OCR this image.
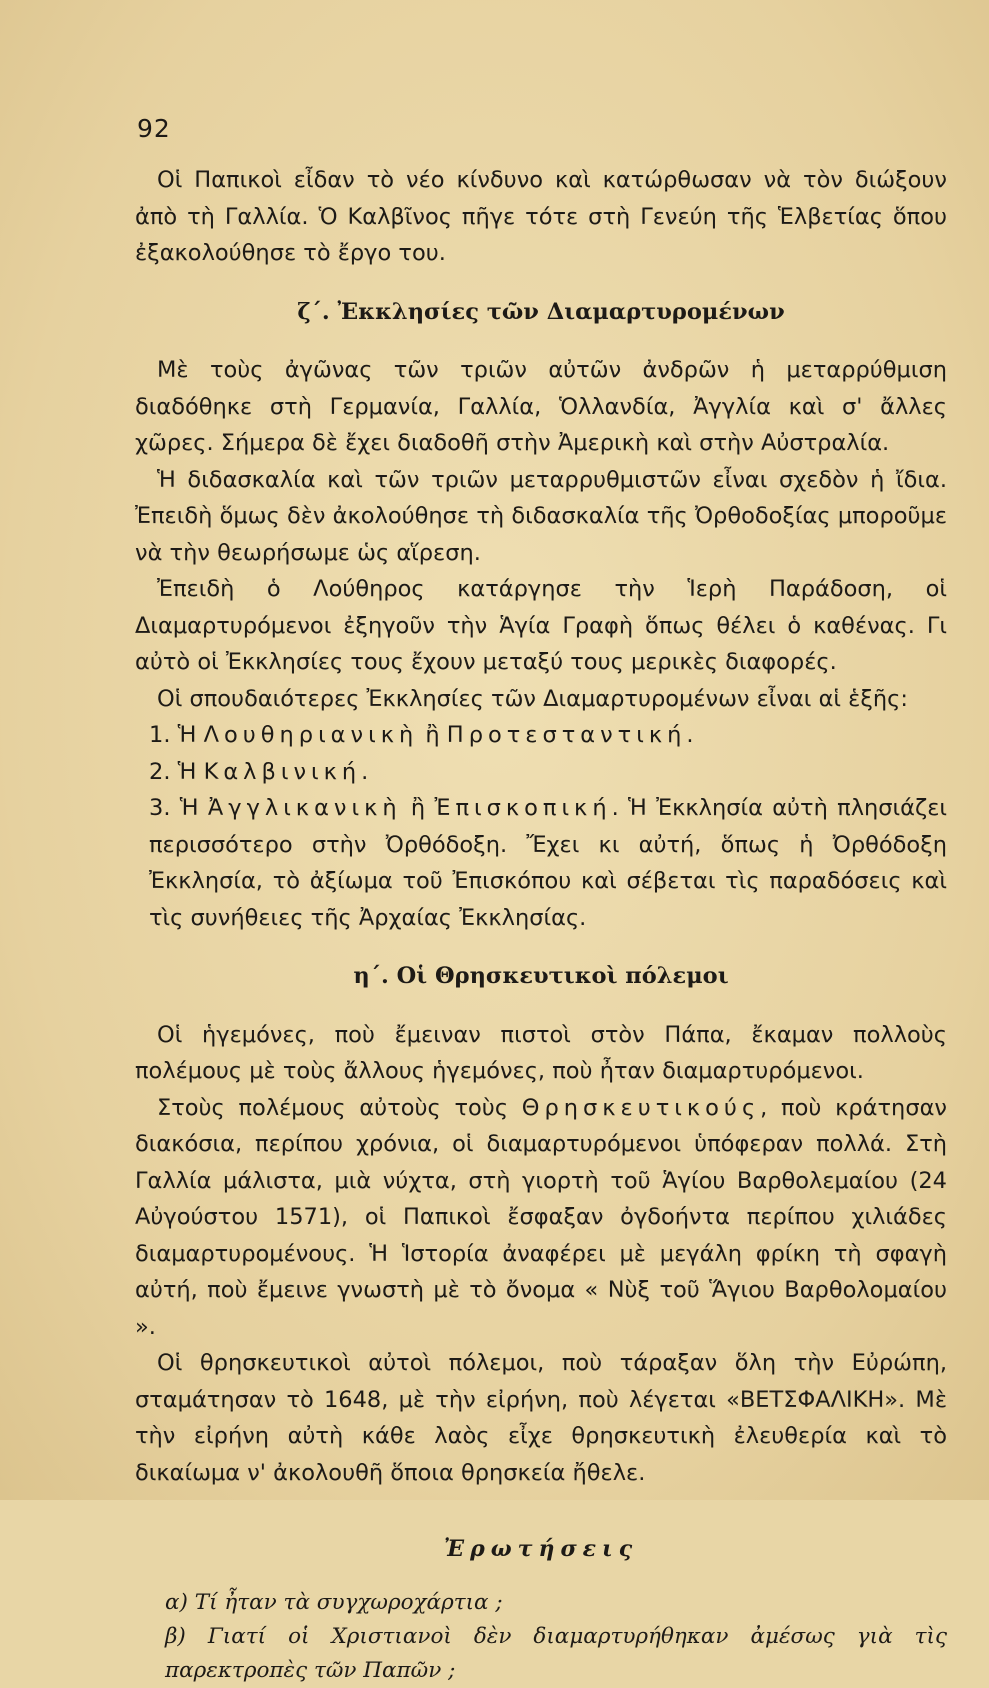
92

Οἱ Παπικοὶ εἶδαν τὸ νέο κίνδυνο καὶ κατώρθωσαν νὰ τὸν διώξουν ἀπὸ τὴ Γαλλία. Ὁ Καλβῖνος πῆγε τότε στὴ Γενεύη τῆς Ἑλβετίας ὅπου ἐξακολούθησε τὸ ἔργο του.

ζ΄. Ἐκκλησίες τῶν Διαμαρτυρομένων

Μὲ τοὺς ἀγῶνας τῶν τριῶν αὐτῶν ἀνδρῶν ἡ μεταρρύθμιση διαδόθηκε στὴ Γερμανία, Γαλλία, Ὁλλανδία, Ἀγγλία καὶ σ' ἄλλες χῶρες. Σήμερα δὲ ἔχει διαδοθῆ στὴν Ἀμερικὴ καὶ στὴν Αὐστραλία.

Ἡ διδασκαλία καὶ τῶν τριῶν μεταρρυθμιστῶν εἶναι σχεδὸν ἡ ἴδια. Ἐπειδὴ ὅμως δὲν ἀκολούθησε τὴ διδασκαλία τῆς Ὀρθοδοξίας μποροῦμε νὰ τὴν θεωρήσωμε ὡς αἵρεση.

Ἐπειδὴ ὁ Λούθηρος κατάργησε τὴν Ἱερὴ Παράδοση, οἱ Διαμαρτυρόμενοι ἐξηγοῦν τὴν Ἁγία Γραφὴ ὅπως θέλει ὁ καθένας. Γι αὐτὸ οἱ Ἐκκλησίες τους ἔχουν μεταξύ τους μερικὲς διαφορές.

Οἱ σπουδαιότερες Ἐκκλησίες τῶν Διαμαρτυρομένων εἶναι αἱ ἑξῆς:

1. Ἡ Λουθηριανικὴ ἢ Προτεσταντική.

2. Ἡ Καλβινική.

3. Ἡ Ἀγγλικανικὴ ἢ Ἐπισκοπική. Ἡ Ἐκκλησία αὐτὴ πλησιάζει περισσότερο στὴν Ὀρθόδοξη. Ἔχει κι αὐτή, ὅπως ἡ Ὀρθόδοξη Ἐκκλησία, τὸ ἀξίωμα τοῦ Ἐπισκόπου καὶ σέβεται τὶς παραδόσεις καὶ τὶς συνήθειες τῆς Ἀρχαίας Ἐκκλησίας.

η΄. Οἱ Θρησκευτικοὶ πόλεμοι

Οἱ ἡγεμόνες, ποὺ ἔμειναν πιστοὶ στὸν Πάπα, ἔκαμαν πολλοὺς πολέμους μὲ τοὺς ἄλλους ἡγεμόνες, ποὺ ἦταν διαμαρτυρόμενοι.

Στοὺς πολέμους αὐτοὺς τοὺς Θρησκευτικούς, ποὺ κράτησαν διακόσια, περίπου χρόνια, οἱ διαμαρτυρόμενοι ὑπόφεραν πολλά. Στὴ Γαλλία μάλιστα, μιὰ νύχτα, στὴ γιορτὴ τοῦ Ἁγίου Βαρθολεμαίου (24 Αὐγούστου 1571), οἱ Παπικοὶ ἔσφαξαν ὀγδοήντα περίπου χιλιάδες διαμαρτυρομένους. Ἡ Ἱστορία ἀναφέρει μὲ μεγάλη φρίκη τὴ σφαγὴ αὐτή, ποὺ ἔμεινε γνωστὴ μὲ τὸ ὄνομα « Νὺξ τοῦ Ἅγιου Βαρθολομαίου ».

Οἱ θρησκευτικοὶ αὐτοὶ πόλεμοι, ποὺ τάραξαν ὅλη τὴν Εὐρώπη, σταμάτησαν τὸ 1648, μὲ τὴν εἰρήνη, ποὺ λέγεται «ΒΕΤΣΦΑΛΙΚΗ». Μὲ τὴν εἰρήνη αὐτὴ κάθε λαὸς εἶχε θρησκευτικὴ ἐλευθερία καὶ τὸ δικαίωμα ν' ἀκολουθῆ ὅποια θρησκεία ἤθελε.

Ἐρωτήσεις

α) Τί ἦταν τὰ συγχωροχάρτια ;

β) Γιατί οἱ Χριστιανοὶ δὲν διαμαρτυρήθηκαν ἀμέσως γιὰ τὶς παρεκτροπὲς τῶν Παπῶν ;
